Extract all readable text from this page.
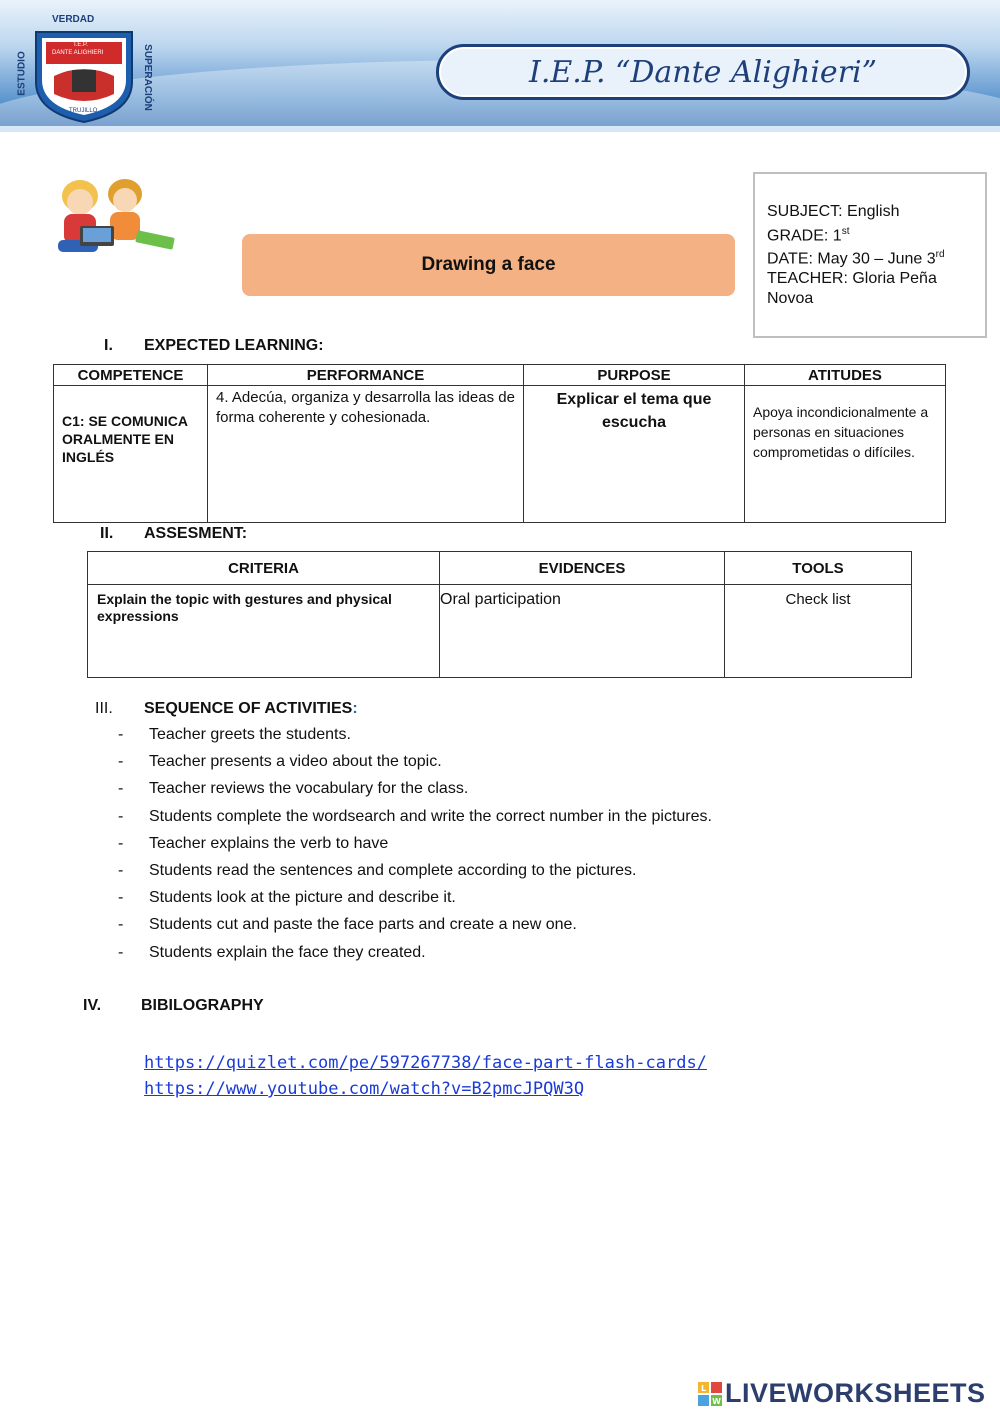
VERDAD
ESTUDIO	SUPERACIÓN
I.E.P.
DANTE ALIGHIERI
TRUJILLO
I.E.P. “Dante Alighieri”
Drawing a face
SUBJECT: English
GRADE: 1st
DATE: May 30 – June 3rd
TEACHER: Gloria Peña Novoa
I. EXPECTED LEARNING:
COMPETENCE	PERFORMANCE	PURPOSE	ATITUDES
C1: SE COMUNICA ORALMENTE EN INGLÉS	4. Adecúa, organiza y desarrolla las ideas de forma coherente y cohesionada.	Explicar el tema que escucha	Apoya incondicionalmente a personas en situaciones comprometidas o difíciles.
II. ASSESMENT:
CRITERIA	EVIDENCES	TOOLS
Explain the topic with gestures and physical expressions	Oral participation	Check list
III. SEQUENCE OF ACTIVITIES:
-	Teacher greets the students.
-	Teacher presents a video about the topic.
-	Teacher reviews the vocabulary for the class.
-	Students complete the wordsearch and write the correct number in the pictures.
-	Teacher explains the verb to have
-	Students read the sentences and complete according to the pictures.
-	Students look at the picture and describe it.
-	Students cut and paste the face parts and create a new one.
-	Students explain the face they created.
IV. BIBILOGRAPHY
https://quizlet.com/pe/597267738/face-part-flash-cards/
https://www.youtube.com/watch?v=B2pmcJPQW3Q
L
W LIVEWORKSHEETS
